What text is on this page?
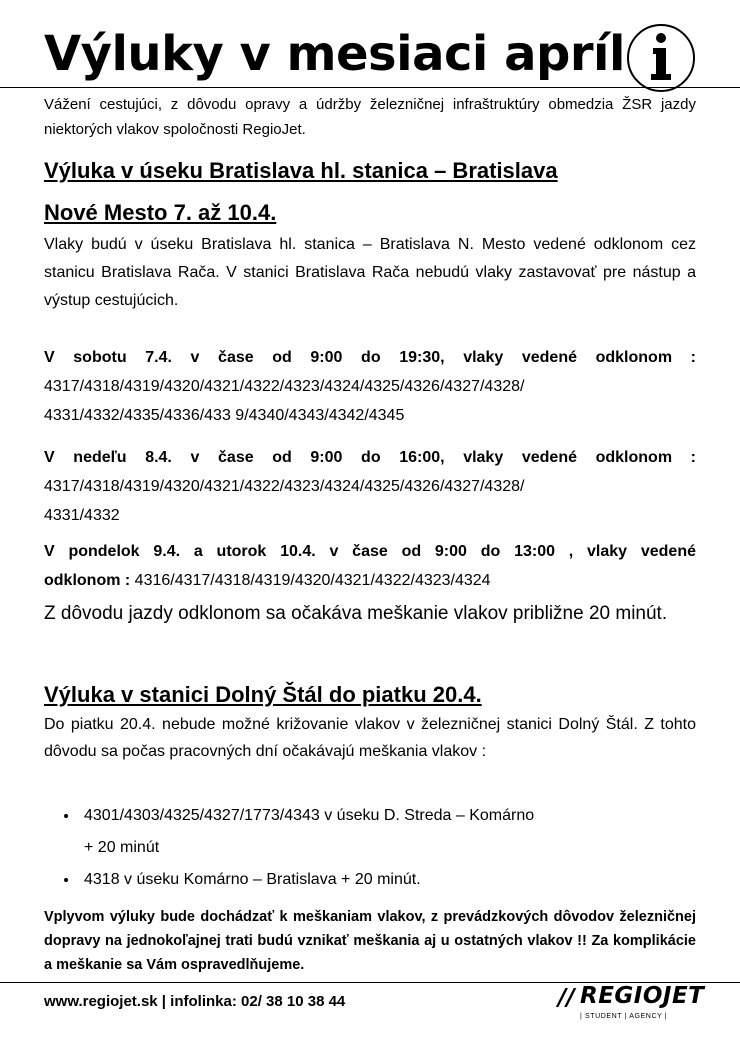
Výluky v mesiaci apríl
Vážení cestujúci, z dôvodu opravy a údržby železničnej infraštruktúry obmedzia ŽSR jazdy niektorých vlakov spoločnosti RegioJet.
Výluka v úseku Bratislava hl. stanica – Bratislava
Nové Mesto 7. až 10.4.
Vlaky budú v úseku Bratislava hl. stanica – Bratislava N. Mesto vedené odklonom cez stanicu Bratislava Rača. V stanici Bratislava Rača nebudú vlaky zastavovať pre nástup a výstup cestujúcich.
V sobotu 7.4. v čase od 9:00 do 19:30, vlaky vedené odklonom :
4317/4318/4319/4320/4321/4322/4323/4324/4325/4326/4327/4328/
4331/4332/4335/4336/433 9/4340/4343/4342/4345
V nedeľu 8.4. v čase od 9:00 do 16:00, vlaky vedené odklonom :
4317/4318/4319/4320/4321/4322/4323/4324/4325/4326/4327/4328/
4331/4332
V pondelok 9.4. a utorok 10.4. v čase od 9:00 do 13:00 , vlaky vedené
odklonom : 4316/4317/4318/4319/4320/4321/4322/4323/4324
Z dôvodu jazdy odklonom sa očakáva meškanie vlakov približne 20 minút.
Výluka v stanici Dolný Štál do piatku 20.4.
Do piatku 20.4. nebude možné križovanie vlakov v železničnej stanici Dolný Štál. Z tohto dôvodu sa počas pracovných dní očakávajú meškania vlakov :
4301/4303/4325/4327/1773/4343 v úseku D. Streda – Komárno
+ 20 minút
4318 v úseku Komárno – Bratislava + 20 minút.
Vplyvom výluky bude dochádzať k meškaniam vlakov, z prevádzkových dôvodov železničnej dopravy na jednokoľajnej trati budú vznikať meškania aj u ostatných vlakov !! Za komplikácie a meškanie sa Vám ospravedlňujeme.
www.regiojet.sk | infolinka: 02/ 38 10 38 44	// REGIOJET
| STUDENT | AGENCY |
